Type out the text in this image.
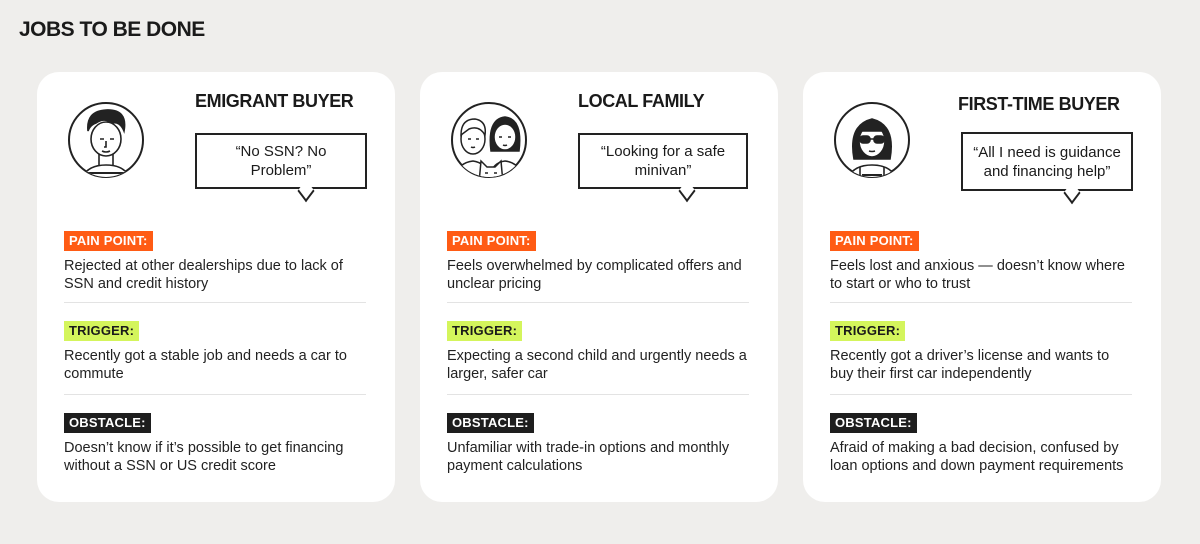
JOBS TO BE DONE
EMIGRANT BUYER
“No SSN? No Problem”
PAIN POINT:
Rejected at other dealerships due to lack of SSN and credit history
TRIGGER:
Recently got a stable job and needs a car to commute
OBSTACLE:
Doesn’t know if it’s possible to get financing without a SSN or US credit score
LOCAL FAMILY
“Looking for a safe minivan”
PAIN POINT:
Feels overwhelmed by complicated offers and unclear pricing
TRIGGER:
Expecting a second child and urgently needs a larger, safer car
OBSTACLE:
Unfamiliar with trade-in options and monthly payment calculations
FIRST-TIME BUYER
“All I need is guidance and financing help”
PAIN POINT:
Feels lost and anxious — doesn’t know where to start or who to trust
TRIGGER:
Recently got a driver’s license and wants to buy their first car independently
OBSTACLE:
Afraid of making a bad decision, confused by loan options and down payment requirements
